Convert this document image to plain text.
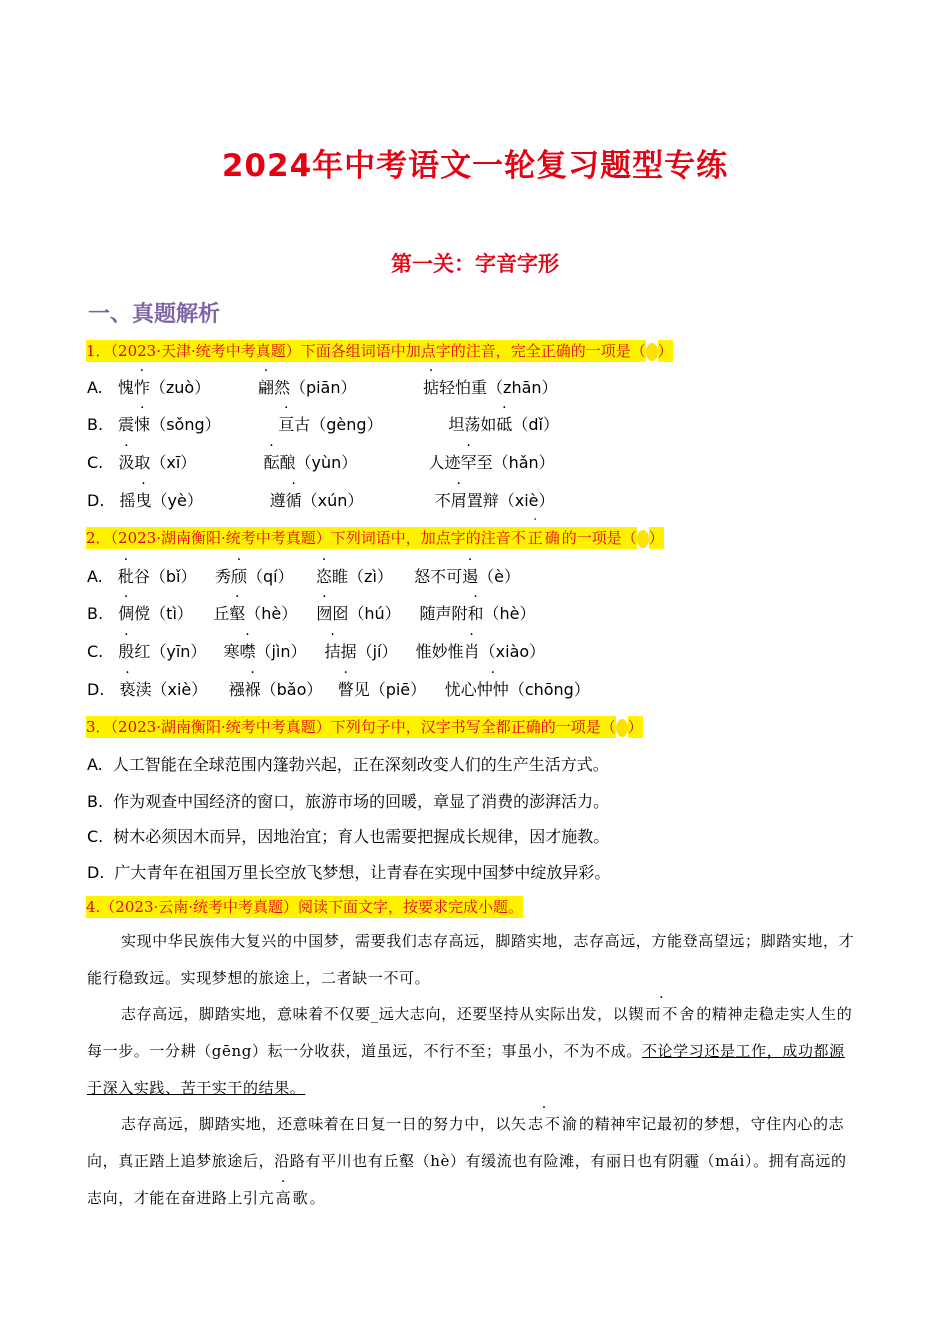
2024年中考语文一轮复习题型专练
第一关：字音字形
一、真题解析
1．（2023·天津·统考中考真题）下面各组词语中加点字的注音，完全正确的一项是（ ）
A. 愧怍（zuò）	翩然（piān）	掂轻怕重（zhān）
B. 震悚（sǒng）	亘古（gèng）	坦荡如砥（dǐ）
C. 汲取（xī）	酝酿（yùn）	人迹罕至（hǎn）
D. 摇曳（yè）	遵循（xún）	不屑置辩（xiè）
2．（2023·湖南衡阳·统考中考真题）下列词语中，加点字的注音不正确的一项是（ ）
A. 秕谷（bǐ） 秀颀（qí） 恣睢（zì） 怒不可遏（è）
B. 倜傥（tì） 丘壑（hè） 囫囵（hú） 随声附和（hè）
C. 殷红（yīn） 寒噤（jìn） 拮据（jí） 惟妙惟肖（xiào）
D. 亵渎（xiè） 襁褓（bǎo） 瞥见（piē） 忧心忡忡（chōng）
3．（2023·湖南衡阳·统考中考真题）下列句子中，汉字书写全都正确的一项是（ ）
A. 人工智能在全球范围内篷勃兴起，正在深刻改变人们的生产生活方式。
B. 作为观查中国经济的窗口，旅游市场的回暖，章显了消费的澎湃活力。
C. 树木必须因木而异，因地治宜；育人也需要把握成长规律，因才施教。
D. 广大青年在祖国万里长空放飞梦想，让青春在实现中国梦中绽放异彩。
4.（2023·云南·统考中考真题）阅读下面文字，按要求完成小题。
实现中华民族伟大复兴的中国梦，需要我们志存高远，脚踏实地，志存高远，方能登高望远；脚踏实地，才能行稳致远。实现梦想的旅途上，二者缺一不可。
志存高远，脚踏实地，意味着不仅要_远大志向，还要坚持从实际出发，以锲而不舍的精神走稳走实人生的每一步。一分耕（gēng）耘一分收获，道虽远，不行不至；事虽小，不为不成。不论学习还是工作，成功都源于深入实践、苦干实干的结果。
志存高远，脚踏实地，还意味着在日复一日的努力中，以矢志不渝的精神牢记最初的梦想，守住内心的志向，真正踏上追梦旅途后，沿路有平川也有丘壑（hè）有缓流也有险滩，有丽日也有阴霾（mái）。拥有高远的志向，才能在奋进路上引亢高歌。
